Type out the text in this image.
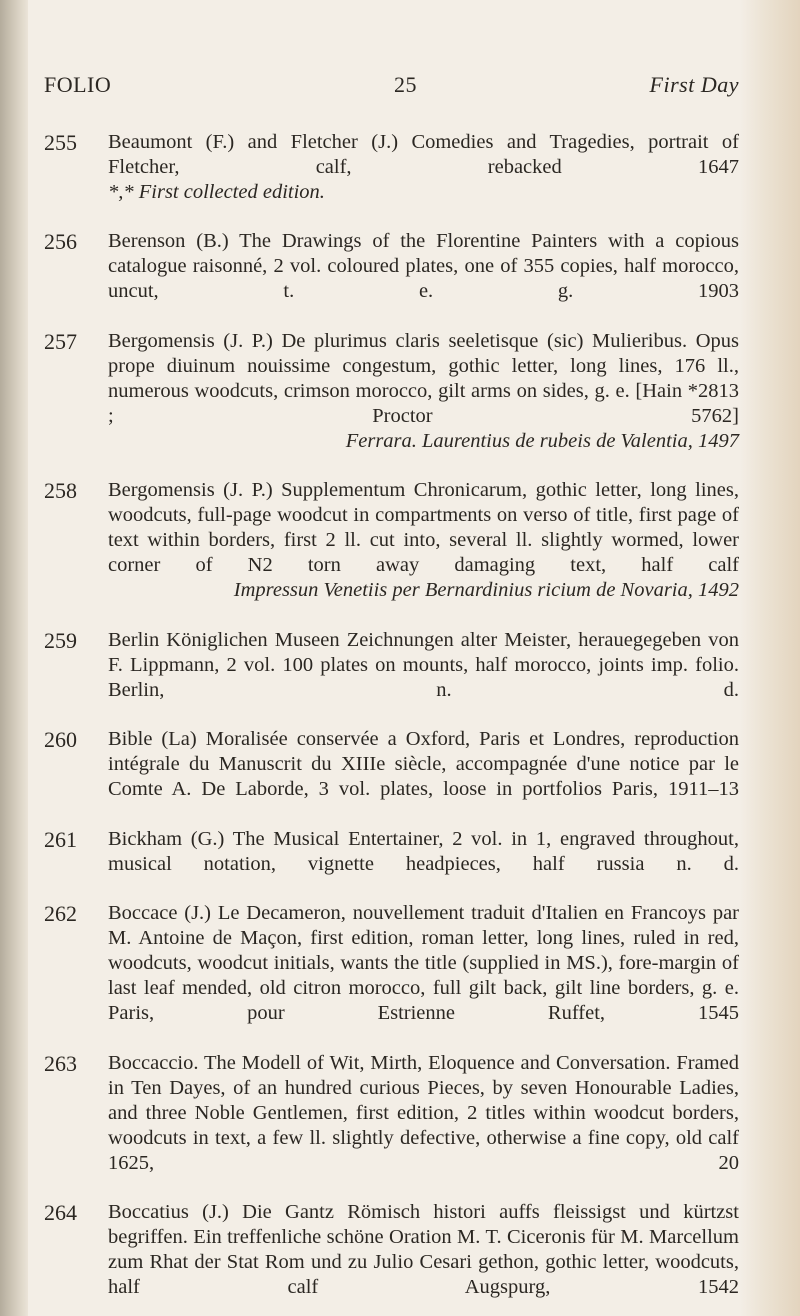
FOLIO	25	First Day
255	Beaumont (F.) and Fletcher (J.) Comedies and Tragedies, portrait of Fletcher, calf, rebacked 1647
*,* First collected edition.
256	Berenson (B.) The Drawings of the Florentine Painters with a copious catalogue raisonné, 2 vol. coloured plates, one of 355 copies, half morocco, uncut, t. e. g. 1903
257	Bergomensis (J. P.) De plurimus claris seeletisque (sic) Mulieribus. Opus prope diuinum nouissime congestum, gothic letter, long lines, 176 ll., numerous woodcuts, crimson morocco, gilt arms on sides, g. e. [Hain *2813 ; Proctor 5762]
Ferrara. Laurentius de rubeis de Valentia, 1497
258	Bergomensis (J. P.) Supplementum Chronicarum, gothic letter, long lines, woodcuts, full-page woodcut in compartments on verso of title, first page of text within borders, first 2 ll. cut into, several ll. slightly wormed, lower corner of N2 torn away damaging text, half calf
Impressun Venetiis per Bernardinius ricium de Novaria, 1492
259	Berlin Königlichen Museen Zeichnungen alter Meister, herauegegeben von F. Lippmann, 2 vol. 100 plates on mounts, half morocco, joints imp. folio. Berlin, n. d.
260	Bible (La) Moralisée conservée a Oxford, Paris et Londres, reproduction intégrale du Manuscrit du XIIIe siècle, accompagnée d'une notice par le Comte A. De Laborde, 3 vol. plates, loose in portfolios Paris, 1911–13
261	Bickham (G.) The Musical Entertainer, 2 vol. in 1, engraved throughout, musical notation, vignette headpieces, half russia n. d.
262	Boccace (J.) Le Decameron, nouvellement traduit d'Italien en Francoys par M. Antoine de Maçon, first edition, roman letter, long lines, ruled in red, woodcuts, woodcut initials, wants the title (supplied in MS.), fore-margin of last leaf mended, old citron morocco, full gilt back, gilt line borders, g. e. Paris, pour Estrienne Ruffet, 1545
263	Boccaccio. The Modell of Wit, Mirth, Eloquence and Conversation. Framed in Ten Dayes, of an hundred curious Pieces, by seven Honourable Ladies, and three Noble Gentlemen, first edition, 2 titles within woodcut borders, woodcuts in text, a few ll. slightly defective, otherwise a fine copy, old calf 1625, 20
264	Boccatius (J.) Die Gantz Römisch histori auffs fleissigst und kürtzst begriffen. Ein treffenliche schöne Oration M. T. Ciceronis für M. Marcellum zum Rhat der Stat Rom und zu Julio Cesari gethon, gothic letter, woodcuts, half calf Augspurg, 1542
